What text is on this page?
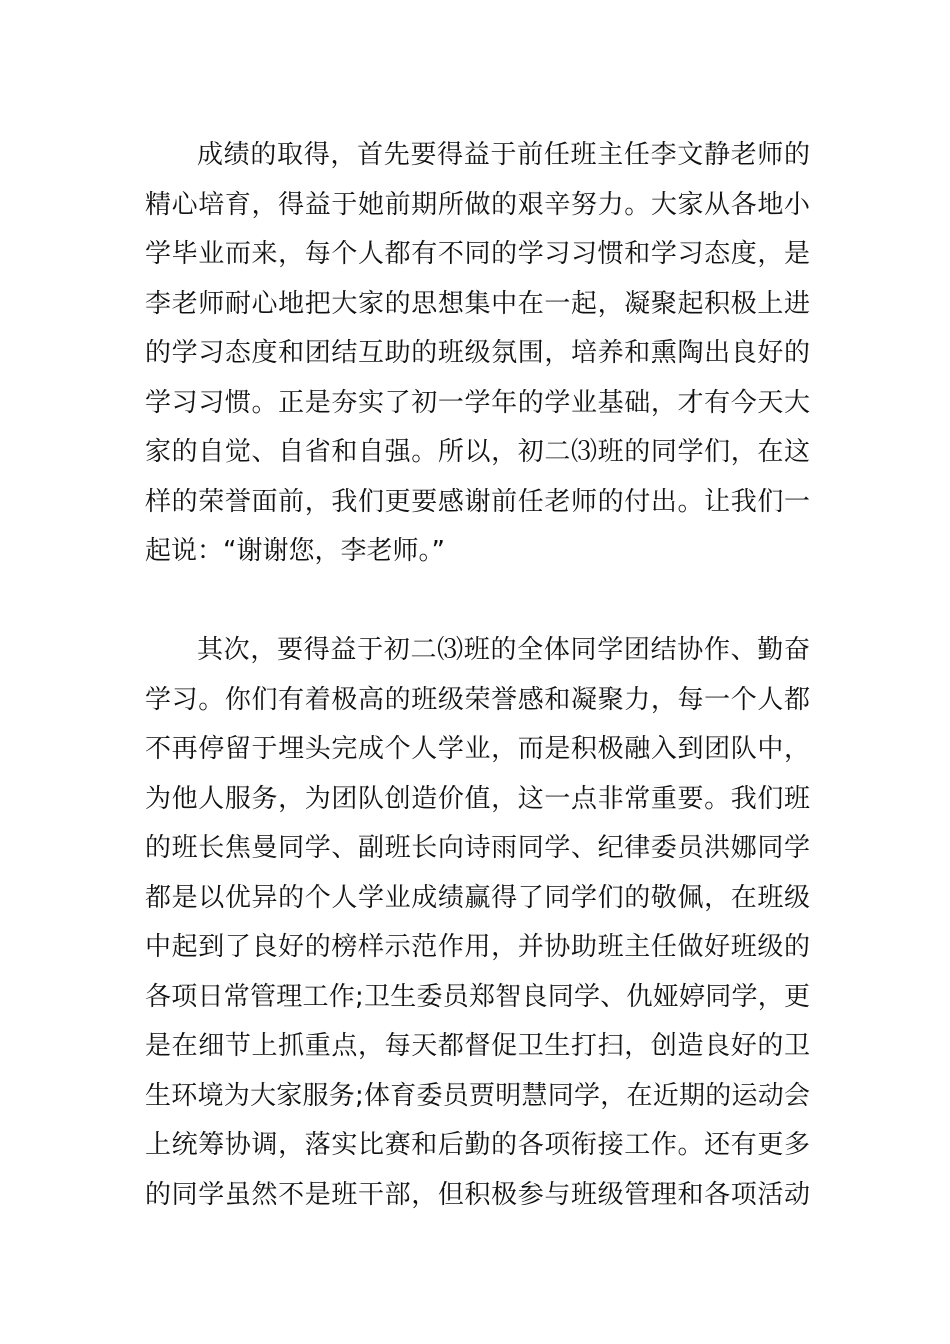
成绩的取得，首先要得益于前任班主任李文静老师的
精心培育，得益于她前期所做的艰辛努力。大家从各地小
学毕业而来，每个人都有不同的学习习惯和学习态度，是
李老师耐心地把大家的思想集中在一起，凝聚起积极上进
的学习态度和团结互助的班级氛围，培养和熏陶出良好的
学习习惯。正是夯实了初一学年的学业基础，才有今天大
家的自觉、自省和自强。所以，初二⑶班的同学们，在这
样的荣誉面前，我们更要感谢前任老师的付出。让我们一
起说：“谢谢您，李老师。”
其次，要得益于初二⑶班的全体同学团结协作、勤奋
学习。你们有着极高的班级荣誉感和凝聚力，每一个人都
不再停留于埋头完成个人学业，而是积极融入到团队中，
为他人服务，为团队创造价值，这一点非常重要。我们班
的班长焦曼同学、副班长向诗雨同学、纪律委员洪娜同学
都是以优异的个人学业成绩赢得了同学们的敬佩，在班级
中起到了良好的榜样示范作用，并协助班主任做好班级的
各项日常管理工作;卫生委员郑智良同学、仇娅婷同学，更
是在细节上抓重点，每天都督促卫生打扫，创造良好的卫
生环境为大家服务;体育委员贾明慧同学，在近期的运动会
上统筹协调，落实比赛和后勤的各项衔接工作。还有更多
的同学虽然不是班干部，但积极参与班级管理和各项活动
